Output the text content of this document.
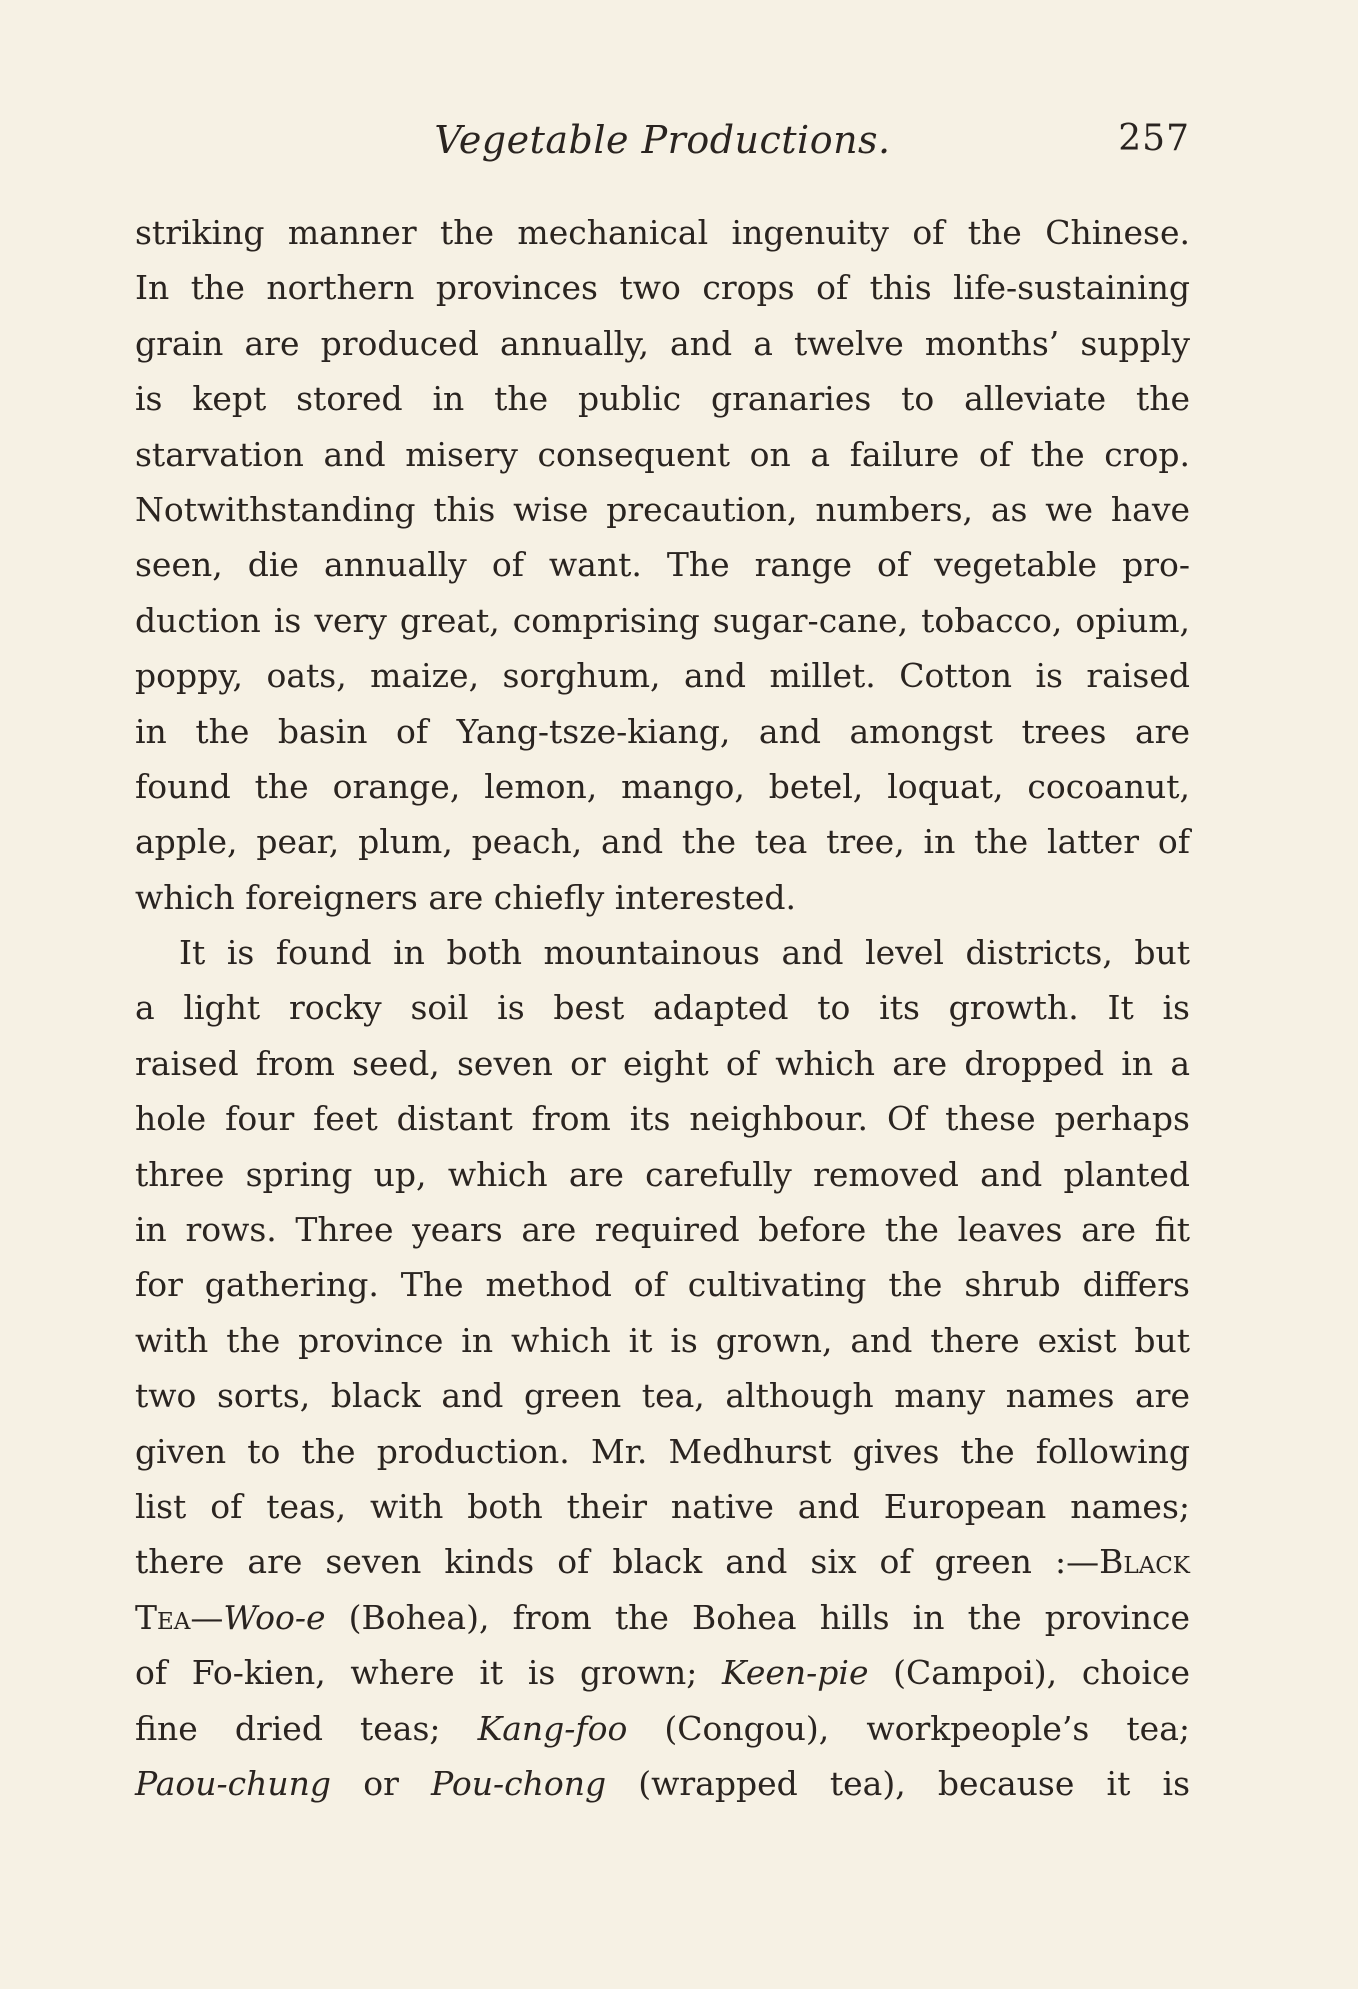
Vegetable Productions.	257
striking manner the mechanical ingenuity of the Chinese.
In the northern provinces two crops of this life-sustaining
grain are produced annually, and a twelve months’ supply
is kept stored in the public granaries to alleviate the
starvation and misery consequent on a failure of the crop.
Notwithstanding this wise precaution, numbers, as we have
seen, die annually of want. The range of vegetable pro-
duction is very great, comprising sugar-cane, tobacco, opium,
poppy, oats, maize, sorghum, and millet. Cotton is raised
in the basin of Yang-tsze-kiang, and amongst trees are
found the orange, lemon, mango, betel, loquat, cocoanut,
apple, pear, plum, peach, and the tea tree, in the latter of
which foreigners are chiefly interested.
It is found in both mountainous and level districts, but
a light rocky soil is best adapted to its growth. It is
raised from seed, seven or eight of which are dropped in a
hole four feet distant from its neighbour. Of these perhaps
three spring up, which are carefully removed and planted
in rows. Three years are required before the leaves are fit
for gathering. The method of cultivating the shrub differs
with the province in which it is grown, and there exist but
two sorts, black and green tea, although many names are
given to the production. Mr. Medhurst gives the following
list of teas, with both their native and European names;
there are seven kinds of black and six of green :—Black
Tea—Woo-e (Bohea), from the Bohea hills in the province
of Fo-kien, where it is grown; Keen-pie (Campoi), choice
fine dried teas; Kang-foo (Congou), workpeople’s tea;
Paou-chung or Pou-chong (wrapped tea), because it is
